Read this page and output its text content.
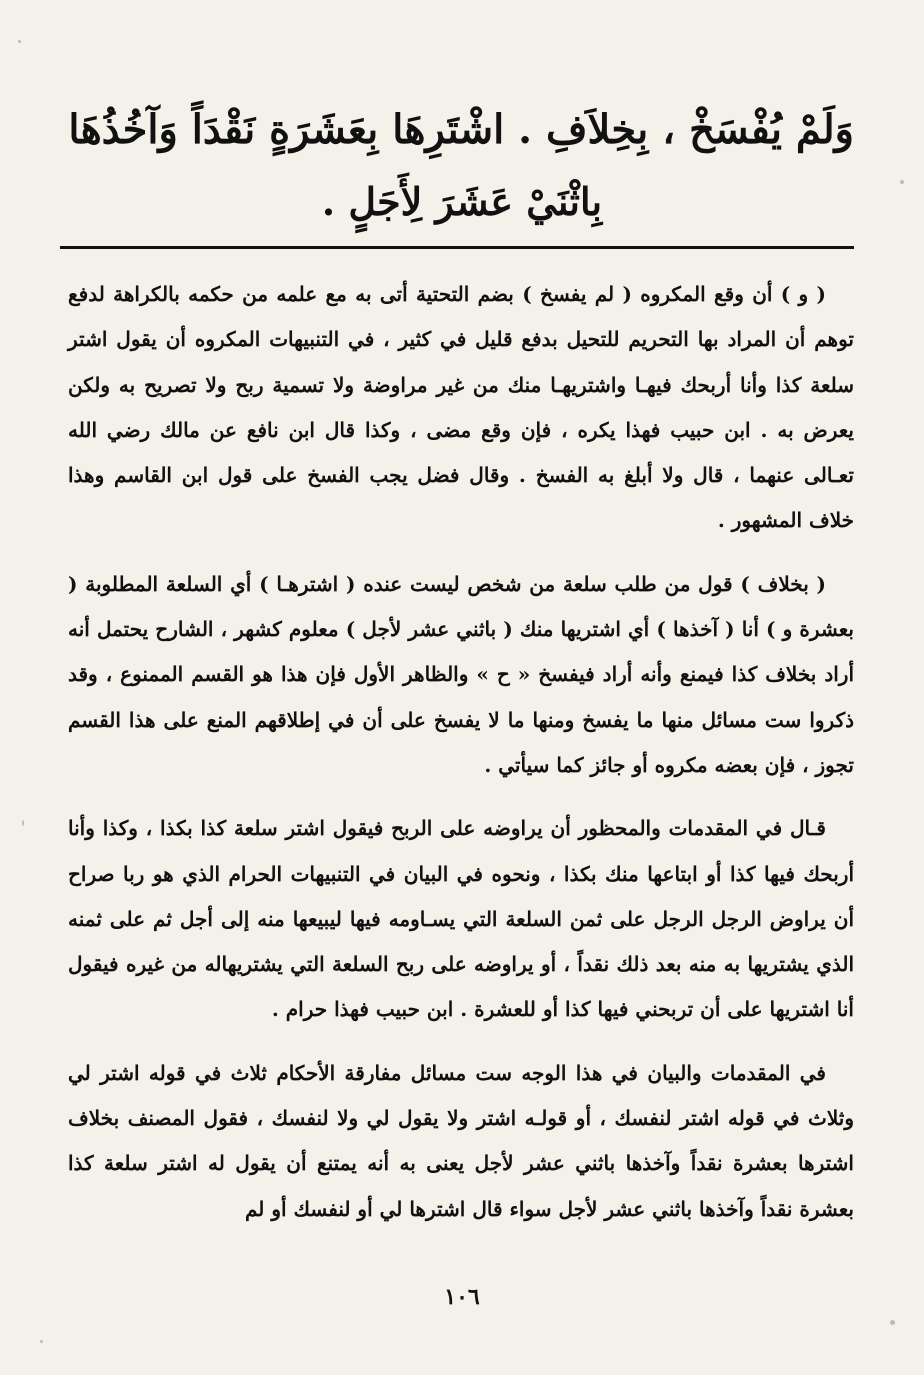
وَلَمْ يُفْسَخْ ، بِخِلاَفِ . اشْتَرِهَا بِعَشَرَةٍ نَقْدَاً وَآخُذُهَا
بِاثْنَيْ عَشَرَ لِأَجَلٍ .

( و ) أن وقع المكروه ( لم يفسخ ) بضم التحتية أتى به مع علمه من حكمه بالكراهة لدفع توهم أن المراد بها التحريم للتحيل بدفع قليل في كثير ، في التنبيهات المكروه أن يقول اشتر سلعة كذا وأنا أربحك فيهـا واشتريهـا منك من غير مراوضة ولا تسمية ربح ولا تصريح به ولكن يعرض به . ابن حبيب فهذا يكره ، فإن وقع مضى ، وكذا قال ابن نافع عن مالك رضي الله تعـالى عنهما ، قال ولا أبلغ به الفسخ . وقال فضل يجب الفسخ على قول ابن القاسم وهذا خلاف المشهور .

( بخلاف ) قول من طلب سلعة من شخص ليست عنده ( اشترهـا ) أي السلعة المطلوبة ( بعشرة و ) أنا ( آخذها ) أي اشتريها منك ( باثني عشر لأجل ) معلوم كشهر ، الشارح يحتمل أنه أراد بخلاف كذا فيمنع وأنه أراد فيفسخ « ح » والظاهر الأول فإن هذا هو القسم الممنوع ، وقد ذكروا ست مسائل منها ما يفسخ ومنها ما لا يفسخ على أن في إطلاقهم المنع على هذا القسم تجوز ، فإن بعضه مكروه أو جائز كما سيأتي .

قـال في المقدمات والمحظور أن يراوضه على الربح فيقول اشتر سلعة كذا بكذا ، وكذا وأنا أربحك فيها كذا أو ابتاعها منك بكذا ، ونحوه في البيان في التنبيهات الحرام الذي هو ربا صراح أن يراوض الرجل الرجل على ثمن السلعة التي يسـاومه فيها ليبيعها منه إلى أجل ثم على ثمنه الذي يشتريها به منه بعد ذلك نقداً ، أو يراوضه على ربح السلعة التي يشتريهاله من غيره فيقول أنا اشتريها على أن تربحني فيها كذا أو للعشرة . ابن حبيب فهذا حرام .

في المقدمات والبيان في هذا الوجه ست مسائل مفارقة الأحكام ثلاث في قوله اشتر لي وثلاث في قوله اشتر لنفسك ، أو قولـه اشتر ولا يقول لي ولا لنفسك ، فقول المصنف بخلاف اشترها بعشرة نقداً وآخذها باثني عشر لأجل يعنى به أنه يمتنع أن يقول له اشتر سلعة كذا بعشرة نقداً وآخذها باثني عشر لأجل سواء قال اشترها لي أو لنفسك أو لم

١٠٦
